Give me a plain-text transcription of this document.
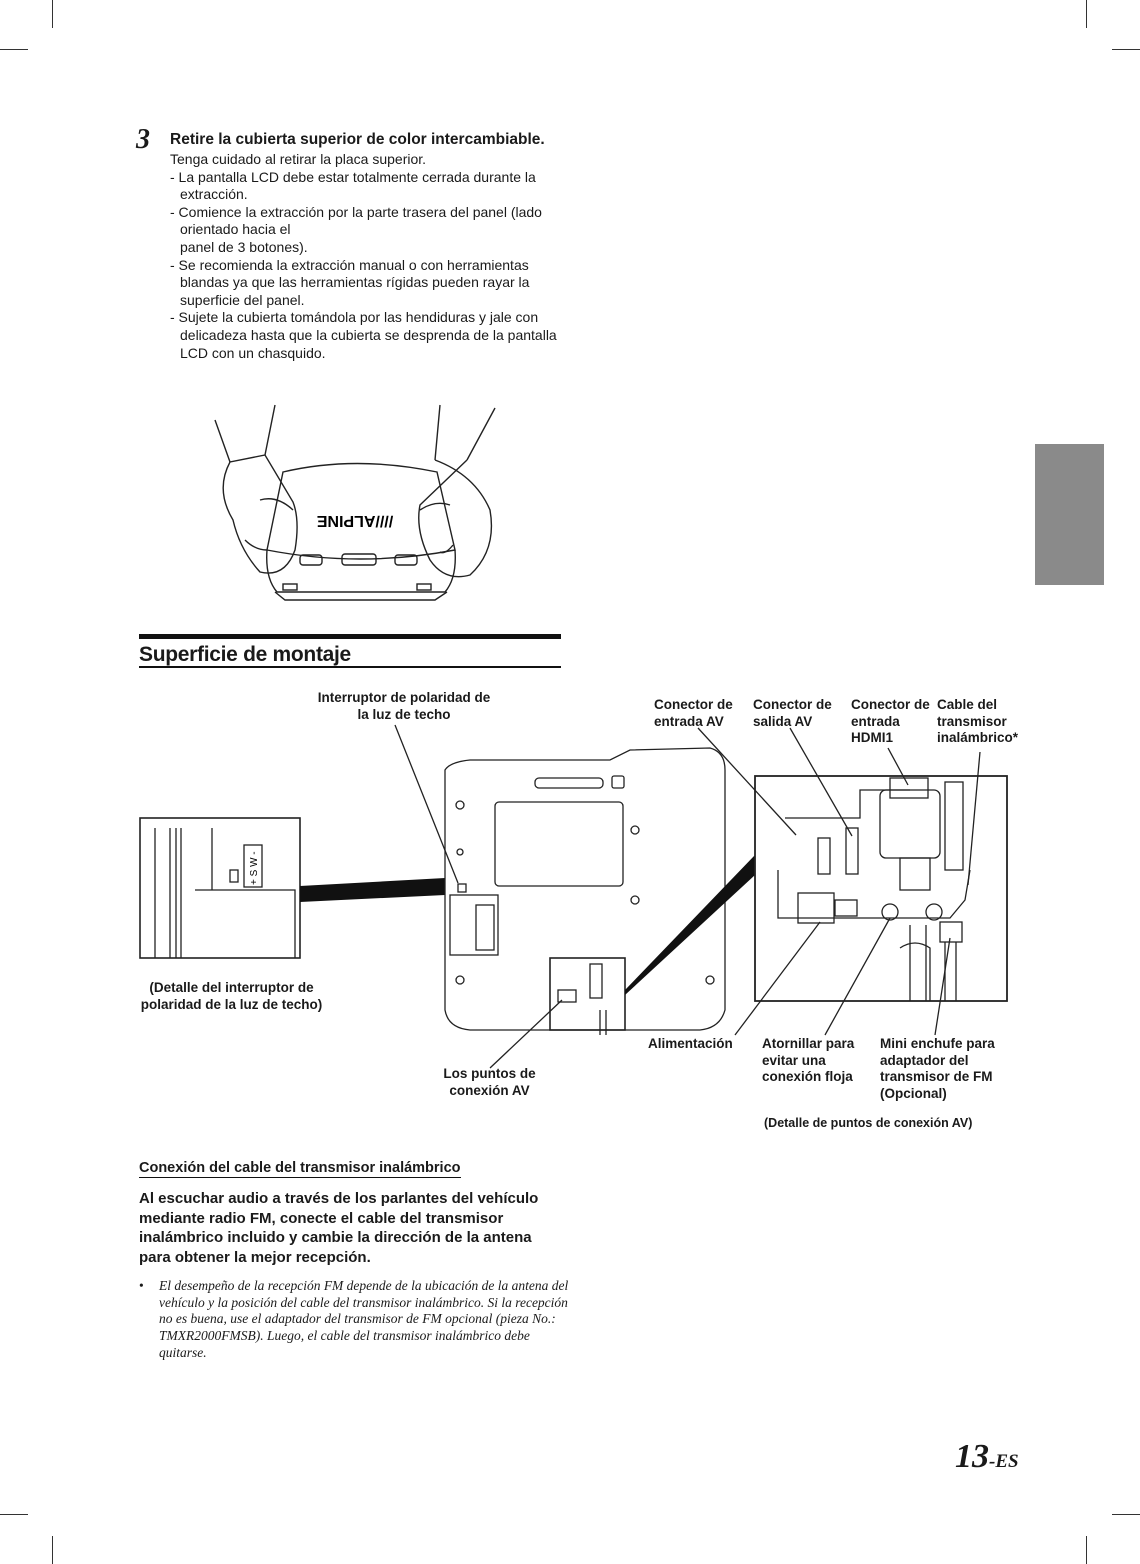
3 Retire la cubierta superior de color intercambiable.

Tenga cuidado al retirar la placa superior.

- La pantalla LCD debe estar totalmente cerrada durante la extracción.
- Comience la extracción por la parte trasera del panel (lado orientado hacia el
panel de 3 botones).
- Se recomienda la extracción manual o con herramientas blandas ya que las herramientas rígidas pueden rayar la superficie del panel.
- Sujete la cubierta tomándola por las hendiduras y jale con delicadeza hasta que la cubierta se desprenda de la pantalla LCD con un chasquido.
////ALPINE
Superficie de montaje
+ S W -
Interruptor de polaridad de la luz de techo
Conector de entrada AV
Conector de salida AV
Conector de entrada HDMI1
Cable del transmisor inalámbrico*
(Detalle del interruptor de polaridad de la luz de techo)
Los puntos de conexión AV
Alimentación Atornillar para evitar una conexión floja
Mini enchufe para adaptador del transmisor de FM (Opcional)
(Detalle de puntos de conexión AV)
Conexión del cable del transmisor inalámbrico
Al escuchar audio a través de los parlantes del vehículo mediante radio FM, conecte el cable del transmisor inalámbrico incluido y cambie la dirección de la antena para obtener la mejor recepción.
• El desempeño de la recepción FM depende de la ubicación de la antena del vehículo y la posición del cable del transmisor inalámbrico. Si la recepción no es buena, use el adaptador del transmisor de FM opcional (pieza No.: TMXR2000FMSB). Luego, el cable del transmisor inalámbrico debe quitarse.
13-ES
